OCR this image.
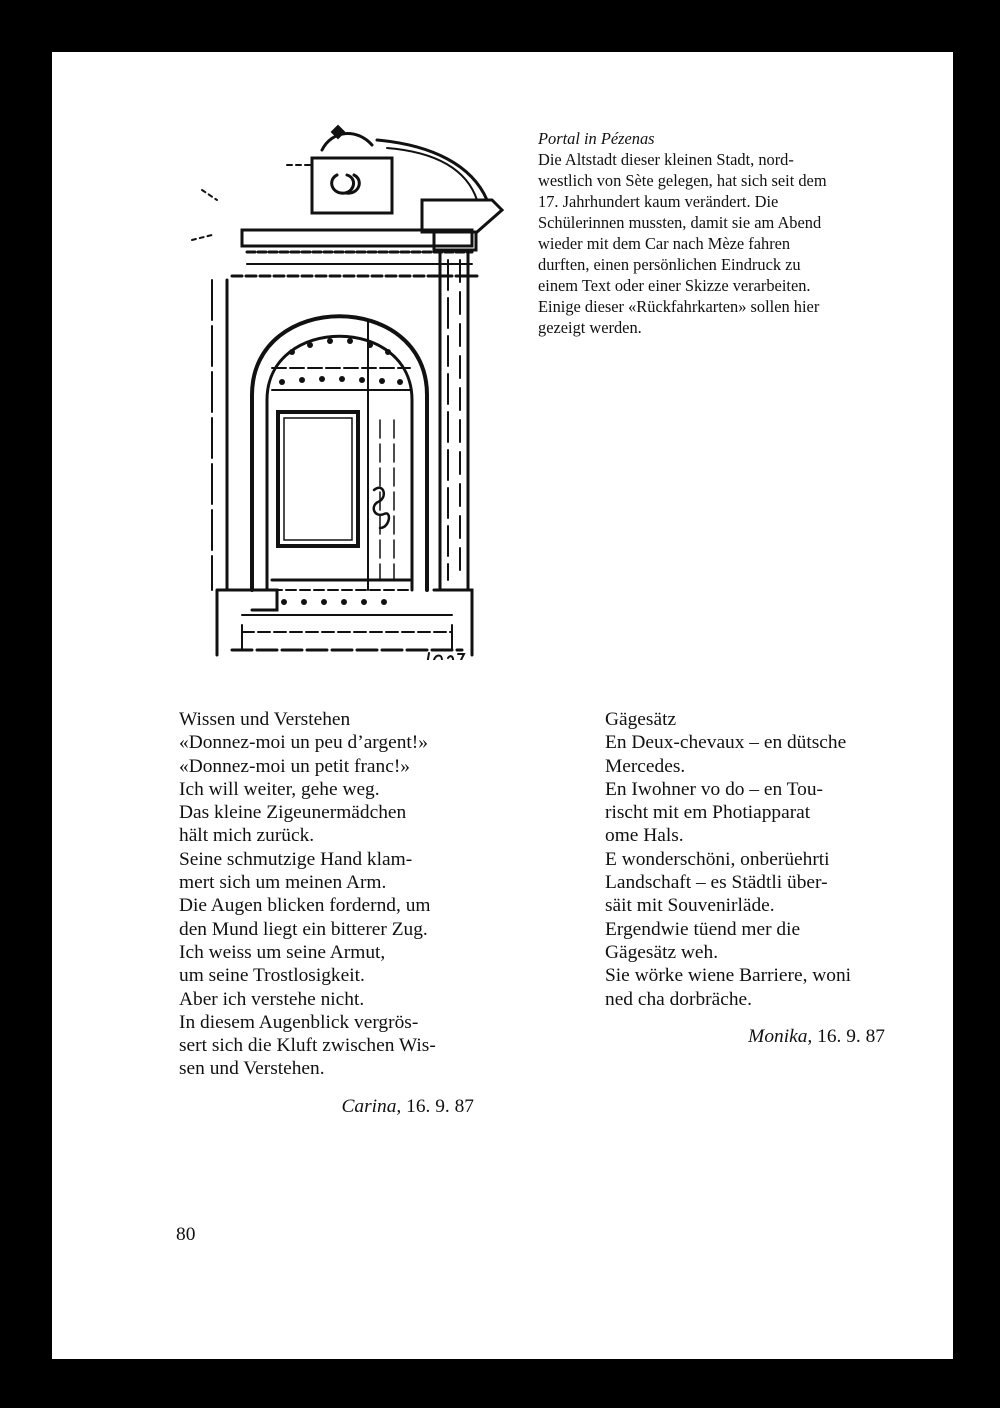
Portal in Pézenas
Die Altstadt dieser kleinen Stadt, nord-
westlich von Sète gelegen, hat sich seit dem
17. Jahrhundert kaum verändert. Die
Schülerinnen mussten, damit sie am Abend
wieder mit dem Car nach Mèze fahren
durften, einen persönlichen Eindruck zu
einem Text oder einer Skizze verarbeiten.
Einige dieser «Rückfahrkarten» sollen hier
gezeigt werden.
Wissen und Verstehen
«Donnez-moi un peu d’argent!»
«Donnez-moi un petit franc!»
Ich will weiter, gehe weg.
Das kleine Zigeunermädchen
hält mich zurück.
Seine schmutzige Hand klam-
mert sich um meinen Arm.
Die Augen blicken fordernd, um
den Mund liegt ein bitterer Zug.
Ich weiss um seine Armut,
um seine Trostlosigkeit.
Aber ich verstehe nicht.
In diesem Augenblick vergrös-
sert sich die Kluft zwischen Wis-
sen und Verstehen.
Carina, 16. 9. 87
Gägesätz
En Deux-chevaux – en dütsche
Mercedes.
En Iwohner vo do – en Tou-
rischt mit em Photiapparat
ome Hals.
E wonderschöni, onberüehrti
Landschaft – es Städtli über-
säit mit Souvenirläde.
Ergendwie tüend mer die
Gägesätz weh.
Sie wörke wiene Barriere, woni
ned cha dorbräche.
Monika, 16. 9. 87
80
